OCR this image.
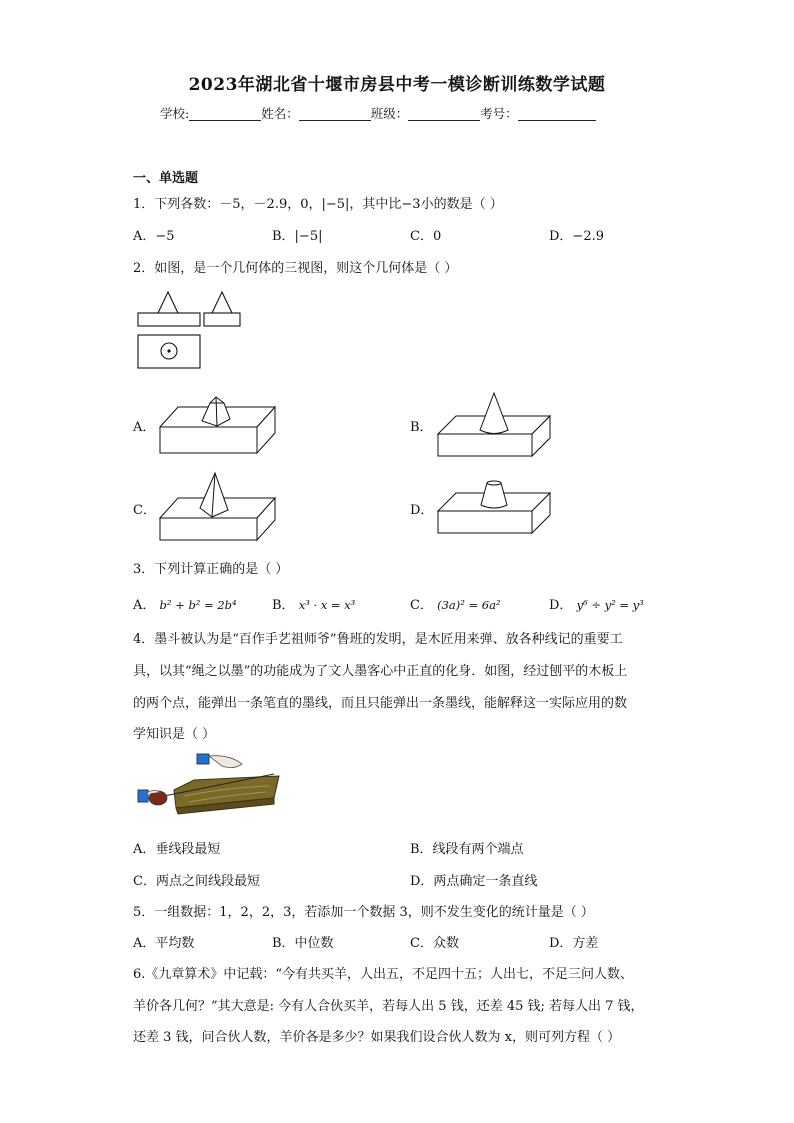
2023年湖北省十堰市房县中考一模诊断训练数学试题
学校:	姓名：	班级：	考号：
一、单选题
1．下列各数：－5，－2.9，0，|−5|，其中比−3小的数是（ ）
A．−5	B．|−5|	C．0	D．−2.9
2．如图，是一个几何体的三视图，则这个几何体是（ ）
A．	B．
C．	D．
3．下列计算正确的是（ ）
A． b² + b² = 2b⁴	B． x³ · x = x³	C． (3a)² = 6a²	D． y⁶ ÷ y² = y³
4．墨斗被认为是“百作手艺祖师爷”鲁班的发明，是木匠用来弹、放各种线记的重要工
具，以其“绳之以墨”的功能成为了文人墨客心中正直的化身．如图，经过刨平的木板上
的两个点，能弹出一条笔直的墨线，而且只能弹出一条墨线，能解释这一实际应用的数
学知识是（ ）
A．垂线段最短	B．线段有两个端点
C．两点之间线段最短	D．两点确定一条直线
5．一组数据：1，2，2，3，若添加一个数据 3，则不发生变化的统计量是（ ）
A．平均数	B．中位数	C．众数	D．方差
6.《九章算术》中记载：“今有共买羊，人出五，不足四十五；人出七，不足三问人数、
羊价各几何？”其大意是: 今有人合伙买羊，若每人出 5 钱，还差 45 钱; 若每人出 7 钱，
还差 3 钱，问合伙人数，羊价各是多少？如果我们设合伙人数为 x，则可列方程（ ）
